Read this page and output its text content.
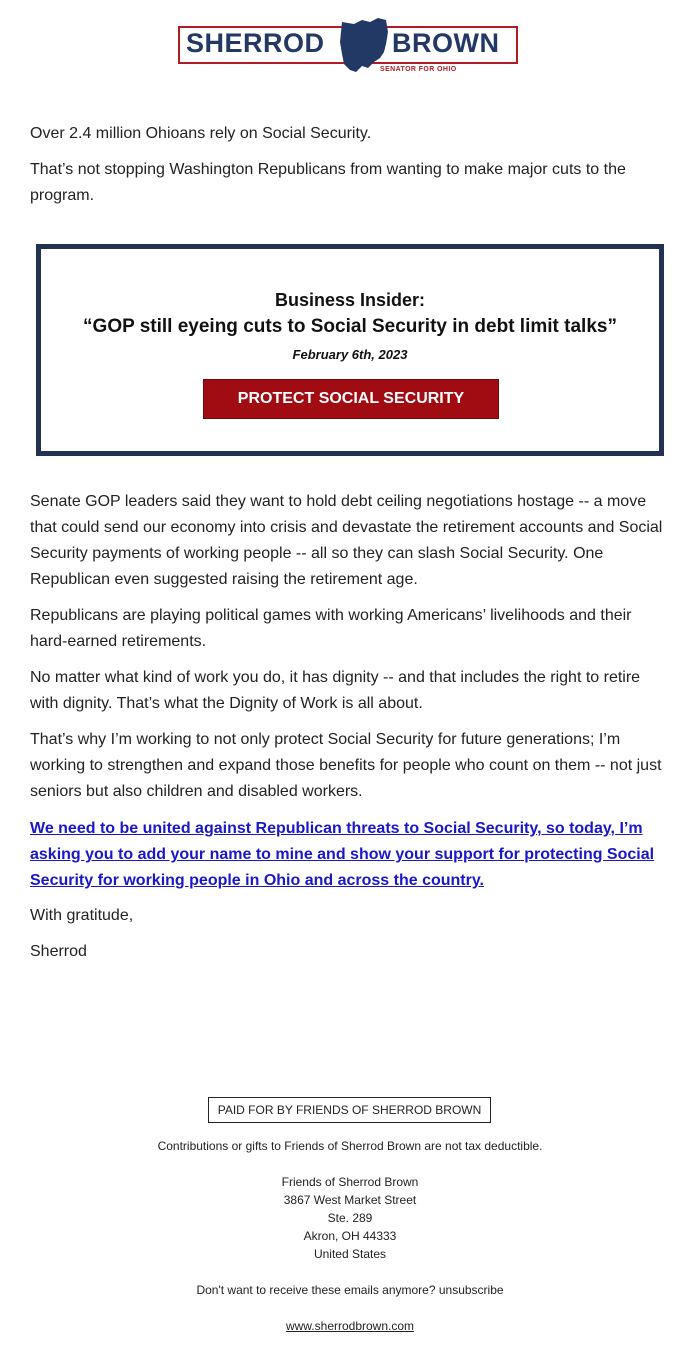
SHERROD BROWN
SENATOR FOR OHIO

Over 2.4 million Ohioans rely on Social Security.

That’s not stopping Washington Republicans from wanting to make major cuts to the program.

Business Insider:
“GOP still eyeing cuts to Social Security in debt limit talks”
February 6th, 2023
PROTECT SOCIAL SECURITY

Senate GOP leaders said they want to hold debt ceiling negotiations hostage -- a move that could send our economy into crisis and devastate the retirement accounts and Social Security payments of working people -- all so they can slash Social Security. One Republican even suggested raising the retirement age.

Republicans are playing political games with working Americans’ livelihoods and their hard-earned retirements.

No matter what kind of work you do, it has dignity -- and that includes the right to retire with dignity. That’s what the Dignity of Work is all about.

That’s why I’m working to not only protect Social Security for future generations; I’m working to strengthen and expand those benefits for people who count on them -- not just seniors but also children and disabled workers.

We need to be united against Republican threats to Social Security, so today, I’m asking you to add your name to mine and show your support for protecting Social Security for working people in Ohio and across the country.

With gratitude,

Sherrod

PAID FOR BY FRIENDS OF SHERROD BROWN
Contributions or gifts to Friends of Sherrod Brown are not tax deductible.
Friends of Sherrod Brown
3867 West Market Street
Ste. 289
Akron, OH 44333
United States
Don't want to receive these emails anymore? unsubscribe
www.sherrodbrown.com
